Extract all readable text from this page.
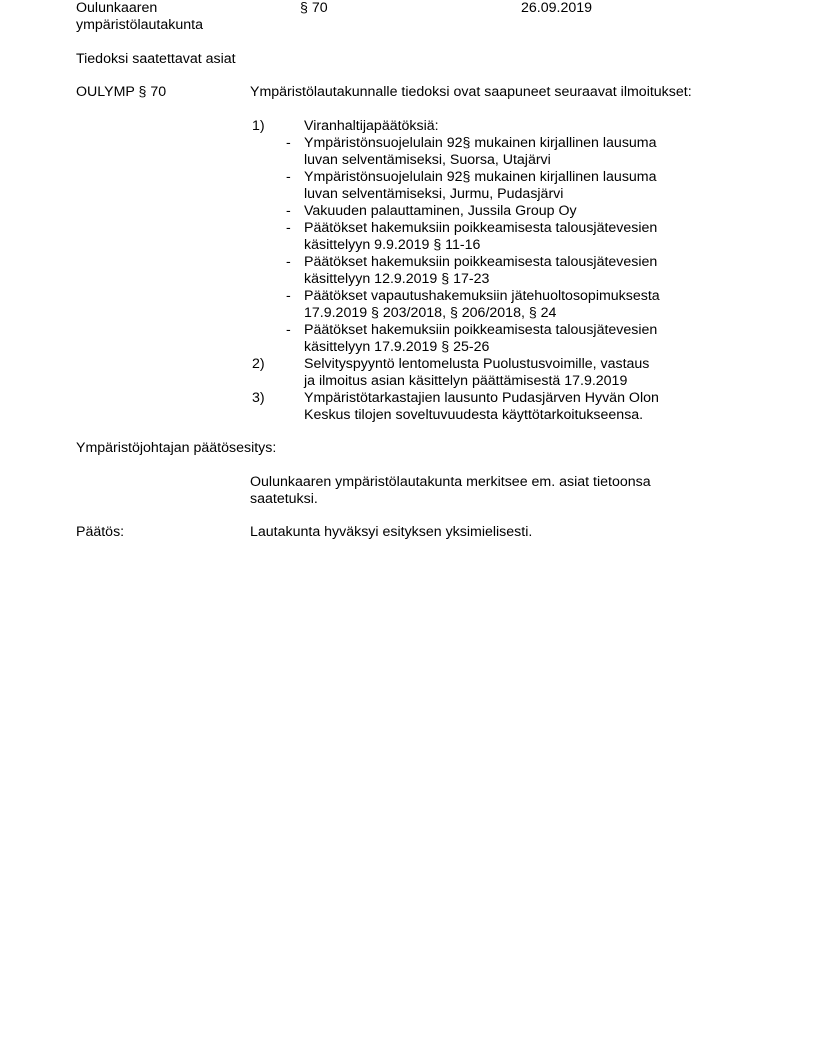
Oulunkaaren
ympäristölautakunta
§ 70	26.09.2019
Tiedoksi saatettavat asiat
OULYMP § 70	Ympäristölautakunnalle tiedoksi ovat saapuneet seuraavat ilmoitukset:
1)	Viranhaltijapäätöksiä:
- Ympäristönsuojelulain 92§ mukainen kirjallinen lausuma
luvan selventämiseksi, Suorsa, Utajärvi
- Ympäristönsuojelulain 92§ mukainen kirjallinen lausuma
luvan selventämiseksi, Jurmu, Pudasjärvi
- Vakuuden palauttaminen, Jussila Group Oy
- Päätökset hakemuksiin poikkeamisesta talousjätevesien
käsittelyyn 9.9.2019 § 11-16
- Päätökset hakemuksiin poikkeamisesta talousjätevesien
käsittelyyn 12.9.2019 § 17-23
- Päätökset vapautushakemuksiin jätehuoltosopimuksesta
17.9.2019 § 203/2018, § 206/2018, § 24
- Päätökset hakemuksiin poikkeamisesta talousjätevesien
käsittelyyn 17.9.2019 § 25-26
2)	Selvityspyyntö lentomelusta Puolustusvoimille, vastaus
ja ilmoitus asian käsittelyn päättämisestä 17.9.2019
3)	Ympäristötarkastajien lausunto Pudasjärven Hyvän Olon
Keskus tilojen soveltuvuudesta käyttötarkoitukseensa.
Ympäristöjohtajan päätösesitys:
Oulunkaaren ympäristölautakunta merkitsee em. asiat tietoonsa
saatetuksi.
Päätös:	Lautakunta hyväksyi esityksen yksimielisesti.
